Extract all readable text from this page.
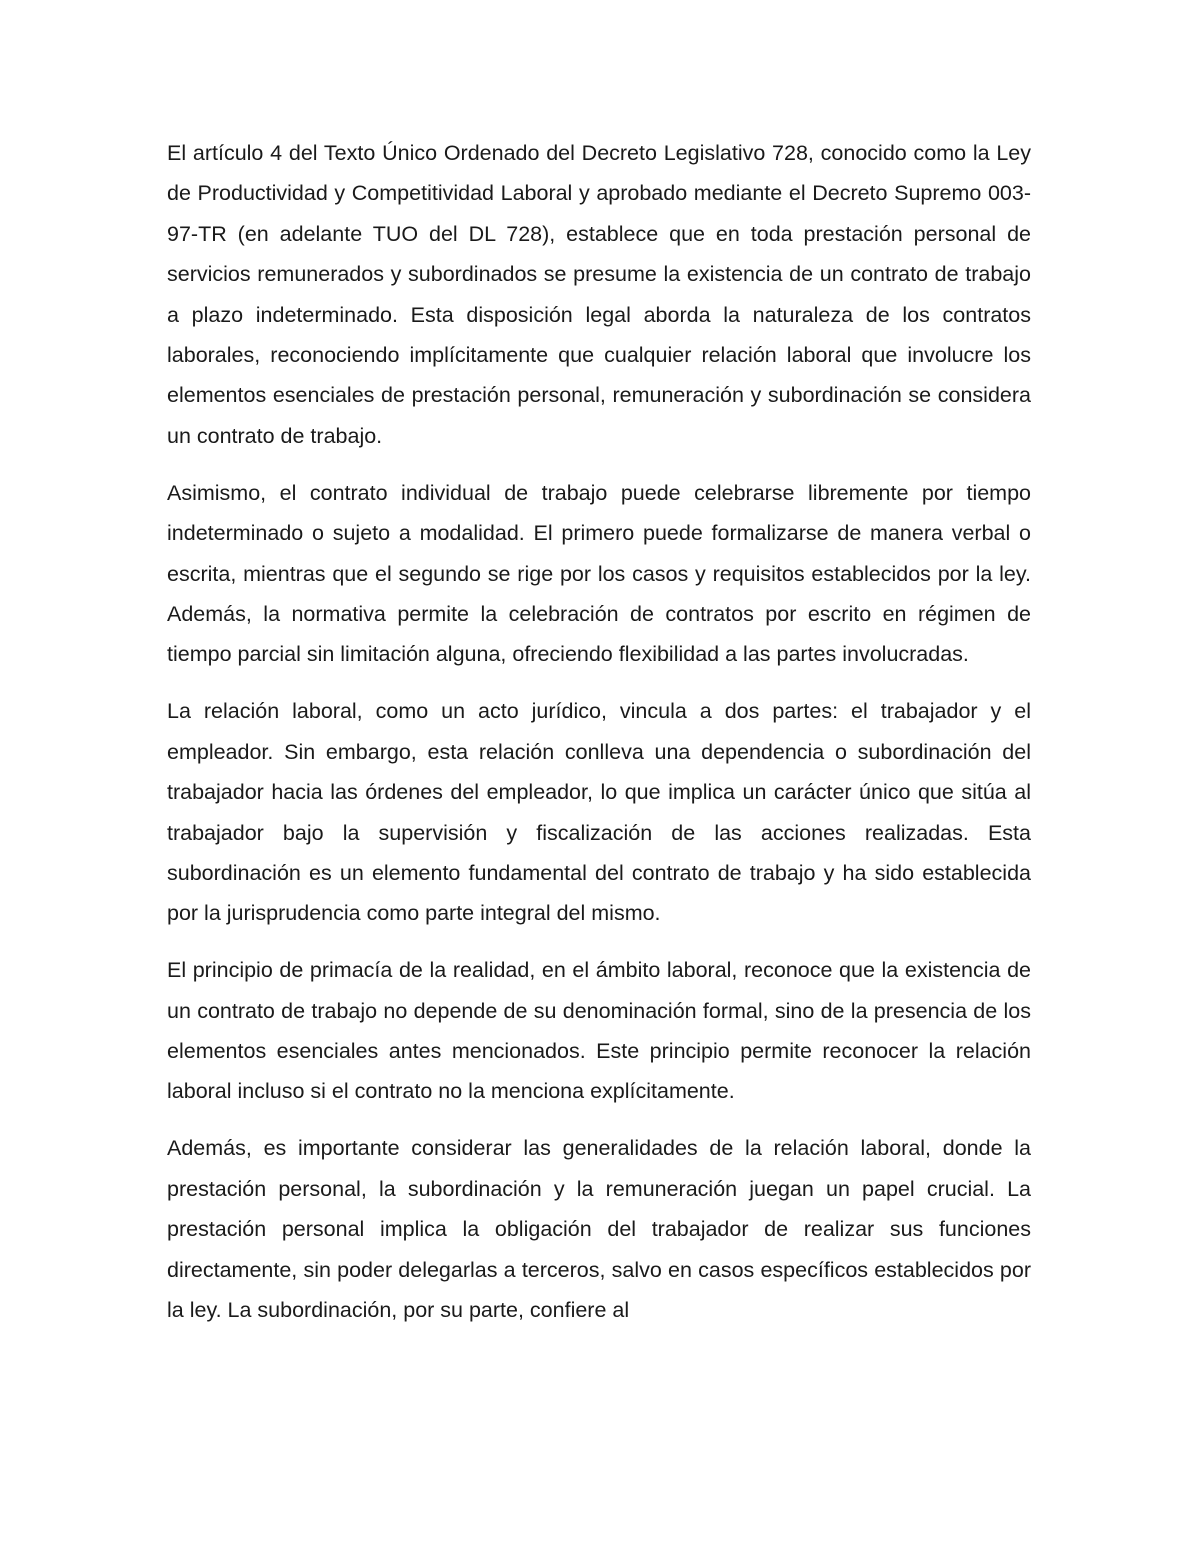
El artículo 4 del Texto Único Ordenado del Decreto Legislativo 728, conocido como la Ley de Productividad y Competitividad Laboral y aprobado mediante el Decreto Supremo 003-97-TR (en adelante TUO del DL 728), establece que en toda prestación personal de servicios remunerados y subordinados se presume la existencia de un contrato de trabajo a plazo indeterminado. Esta disposición legal aborda la naturaleza de los contratos laborales, reconociendo implícitamente que cualquier relación laboral que involucre los elementos esenciales de prestación personal, remuneración y subordinación se considera un contrato de trabajo.

Asimismo, el contrato individual de trabajo puede celebrarse libremente por tiempo indeterminado o sujeto a modalidad. El primero puede formalizarse de manera verbal o escrita, mientras que el segundo se rige por los casos y requisitos establecidos por la ley. Además, la normativa permite la celebración de contratos por escrito en régimen de tiempo parcial sin limitación alguna, ofreciendo flexibilidad a las partes involucradas.

La relación laboral, como un acto jurídico, vincula a dos partes: el trabajador y el empleador. Sin embargo, esta relación conlleva una dependencia o subordinación del trabajador hacia las órdenes del empleador, lo que implica un carácter único que sitúa al trabajador bajo la supervisión y fiscalización de las acciones realizadas. Esta subordinación es un elemento fundamental del contrato de trabajo y ha sido establecida por la jurisprudencia como parte integral del mismo.

El principio de primacía de la realidad, en el ámbito laboral, reconoce que la existencia de un contrato de trabajo no depende de su denominación formal, sino de la presencia de los elementos esenciales antes mencionados. Este principio permite reconocer la relación laboral incluso si el contrato no la menciona explícitamente.

Además, es importante considerar las generalidades de la relación laboral, donde la prestación personal, la subordinación y la remuneración juegan un papel crucial. La prestación personal implica la obligación del trabajador de realizar sus funciones directamente, sin poder delegarlas a terceros, salvo en casos específicos establecidos por la ley. La subordinación, por su parte, confiere al
